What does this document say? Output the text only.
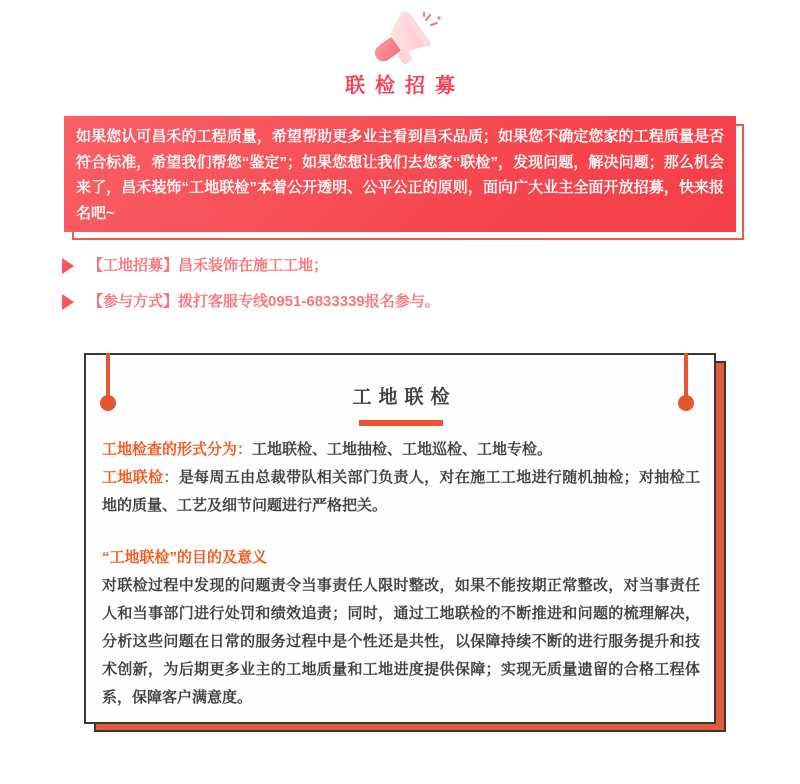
联检招募

如果您认可昌禾的工程质量，希望帮助更多业主看到昌禾品质；如果您不确定您家的工程质量是否符合标准，希望我们帮您“鉴定”；如果您想让我们去您家“联检”，发现问题，解决问题；那么机会来了，昌禾装饰“工地联检”本着公开透明、公平公正的原则，面向广大业主全面开放招募，快来报名吧~

【工地招募】昌禾装饰在施工工地；
【参与方式】拨打客服专线0951-6833339报名参与。
工地联检

工地检查的形式分为：工地联检、工地抽检、工地巡检、工地专检。

工地联检：是每周五由总裁带队相关部门负责人，对在施工工地进行随机抽检；对抽检工地的质量、工艺及细节问题进行严格把关。

“工地联检”的目的及意义

对联检过程中发现的问题责令当事责任人限时整改，如果不能按期正常整改，对当事责任人和当事部门进行处罚和绩效追责；同时，通过工地联检的不断推进和问题的梳理解决，分析这些问题在日常的服务过程中是个性还是共性，以保障持续不断的进行服务提升和技术创新，为后期更多业主的工地质量和工地进度提供保障；实现无质量遗留的合格工程体系，保障客户满意度。
